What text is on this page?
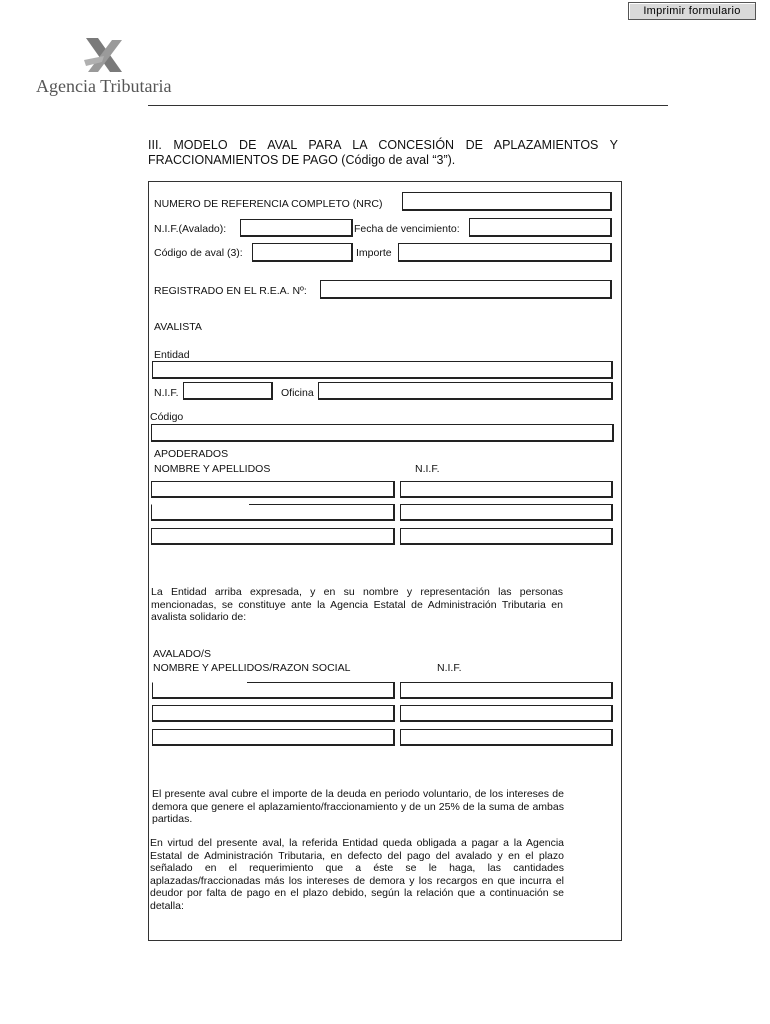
Imprimir formulario
Agencia Tributaria
III. MODELO DE AVAL PARA LA CONCESIÓN DE APLAZAMIENTOS Y
FRACCIONAMIENTOS DE PAGO (Código de aval “3”).
NUMERO DE REFERENCIA COMPLETO (NRC)
N.I.F.(Avalado):	Fecha de vencimiento:
Código de aval (3):	Importe
REGISTRADO EN EL R.E.A. Nº:
AVALISTA
Entidad
N.I.F.	Oficina
Código
APODERADOS
NOMBRE Y APELLIDOS	N.I.F.
La Entidad arriba expresada, y en su nombre y representación las personas mencionadas, se constituye ante la Agencia Estatal de Administración Tributaria en avalista solidario de:
AVALADO/S
NOMBRE Y APELLIDOS/RAZON SOCIAL	N.I.F.
El presente aval cubre el importe de la deuda en periodo voluntario, de los intereses de demora que genere el aplazamiento/fraccionamiento y de un 25% de la suma de ambas partidas.
En virtud del presente aval, la referida Entidad queda obligada a pagar a la Agencia Estatal de Administración Tributaria, en defecto del pago del avalado y en el plazo señalado en el requerimiento que a éste se le haga, las cantidades aplazadas/fraccionadas más los intereses de demora y los recargos en que incurra el deudor por falta de pago en el plazo debido, según la relación que a continuación se detalla:
